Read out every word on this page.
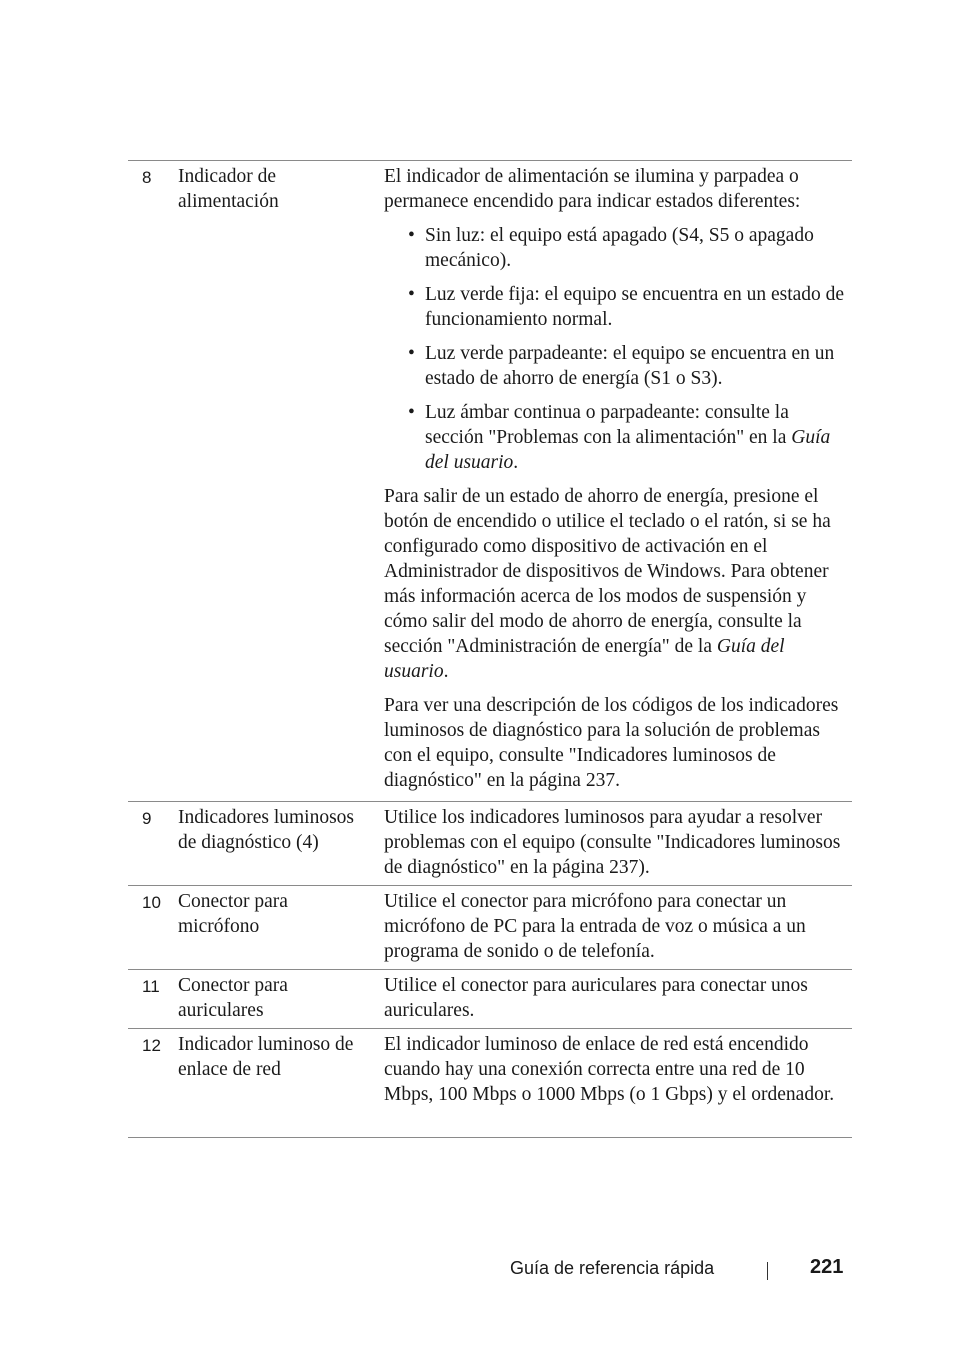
8 Indicador de alimentación

El indicador de alimentación se ilumina y parpadea o permanece encendido para indicar estados diferentes:

• Sin luz: el equipo está apagado (S4, S5 o apagado mecánico).
• Luz verde fija: el equipo se encuentra en un estado de funcionamiento normal.
• Luz verde parpadeante: el equipo se encuentra en un estado de ahorro de energía (S1 o S3).
• Luz ámbar continua o parpadeante: consulte la sección "Problemas con la alimentación" en la Guía del usuario.

Para salir de un estado de ahorro de energía, presione el botón de encendido o utilice el teclado o el ratón, si se ha configurado como dispositivo de activación en el Administrador de dispositivos de Windows. Para obtener más información acerca de los modos de suspensión y cómo salir del modo de ahorro de energía, consulte la sección "Administración de energía" de la Guía del usuario.

Para ver una descripción de los códigos de los indicadores luminosos de diagnóstico para la solución de problemas con el equipo, consulte "Indicadores luminosos de diagnóstico" en la página 237.

9 Indicadores luminosos de diagnóstico (4)
Utilice los indicadores luminosos para ayudar a resolver problemas con el equipo (consulte "Indicadores luminosos de diagnóstico" en la página 237).
10 Conector para micrófono
Utilice el conector para micrófono para conectar un micrófono de PC para la entrada de voz o música a un programa de sonido o de telefonía.
11 Conector para auriculares
Utilice el conector para auriculares para conectar unos auriculares.
12 Indicador luminoso de enlace de red
El indicador luminoso de enlace de red está encendido cuando hay una conexión correcta entre una red de 10 Mbps, 100 Mbps o 1000 Mbps (o 1 Gbps) y el ordenador.
Guía de referencia rápida	221
